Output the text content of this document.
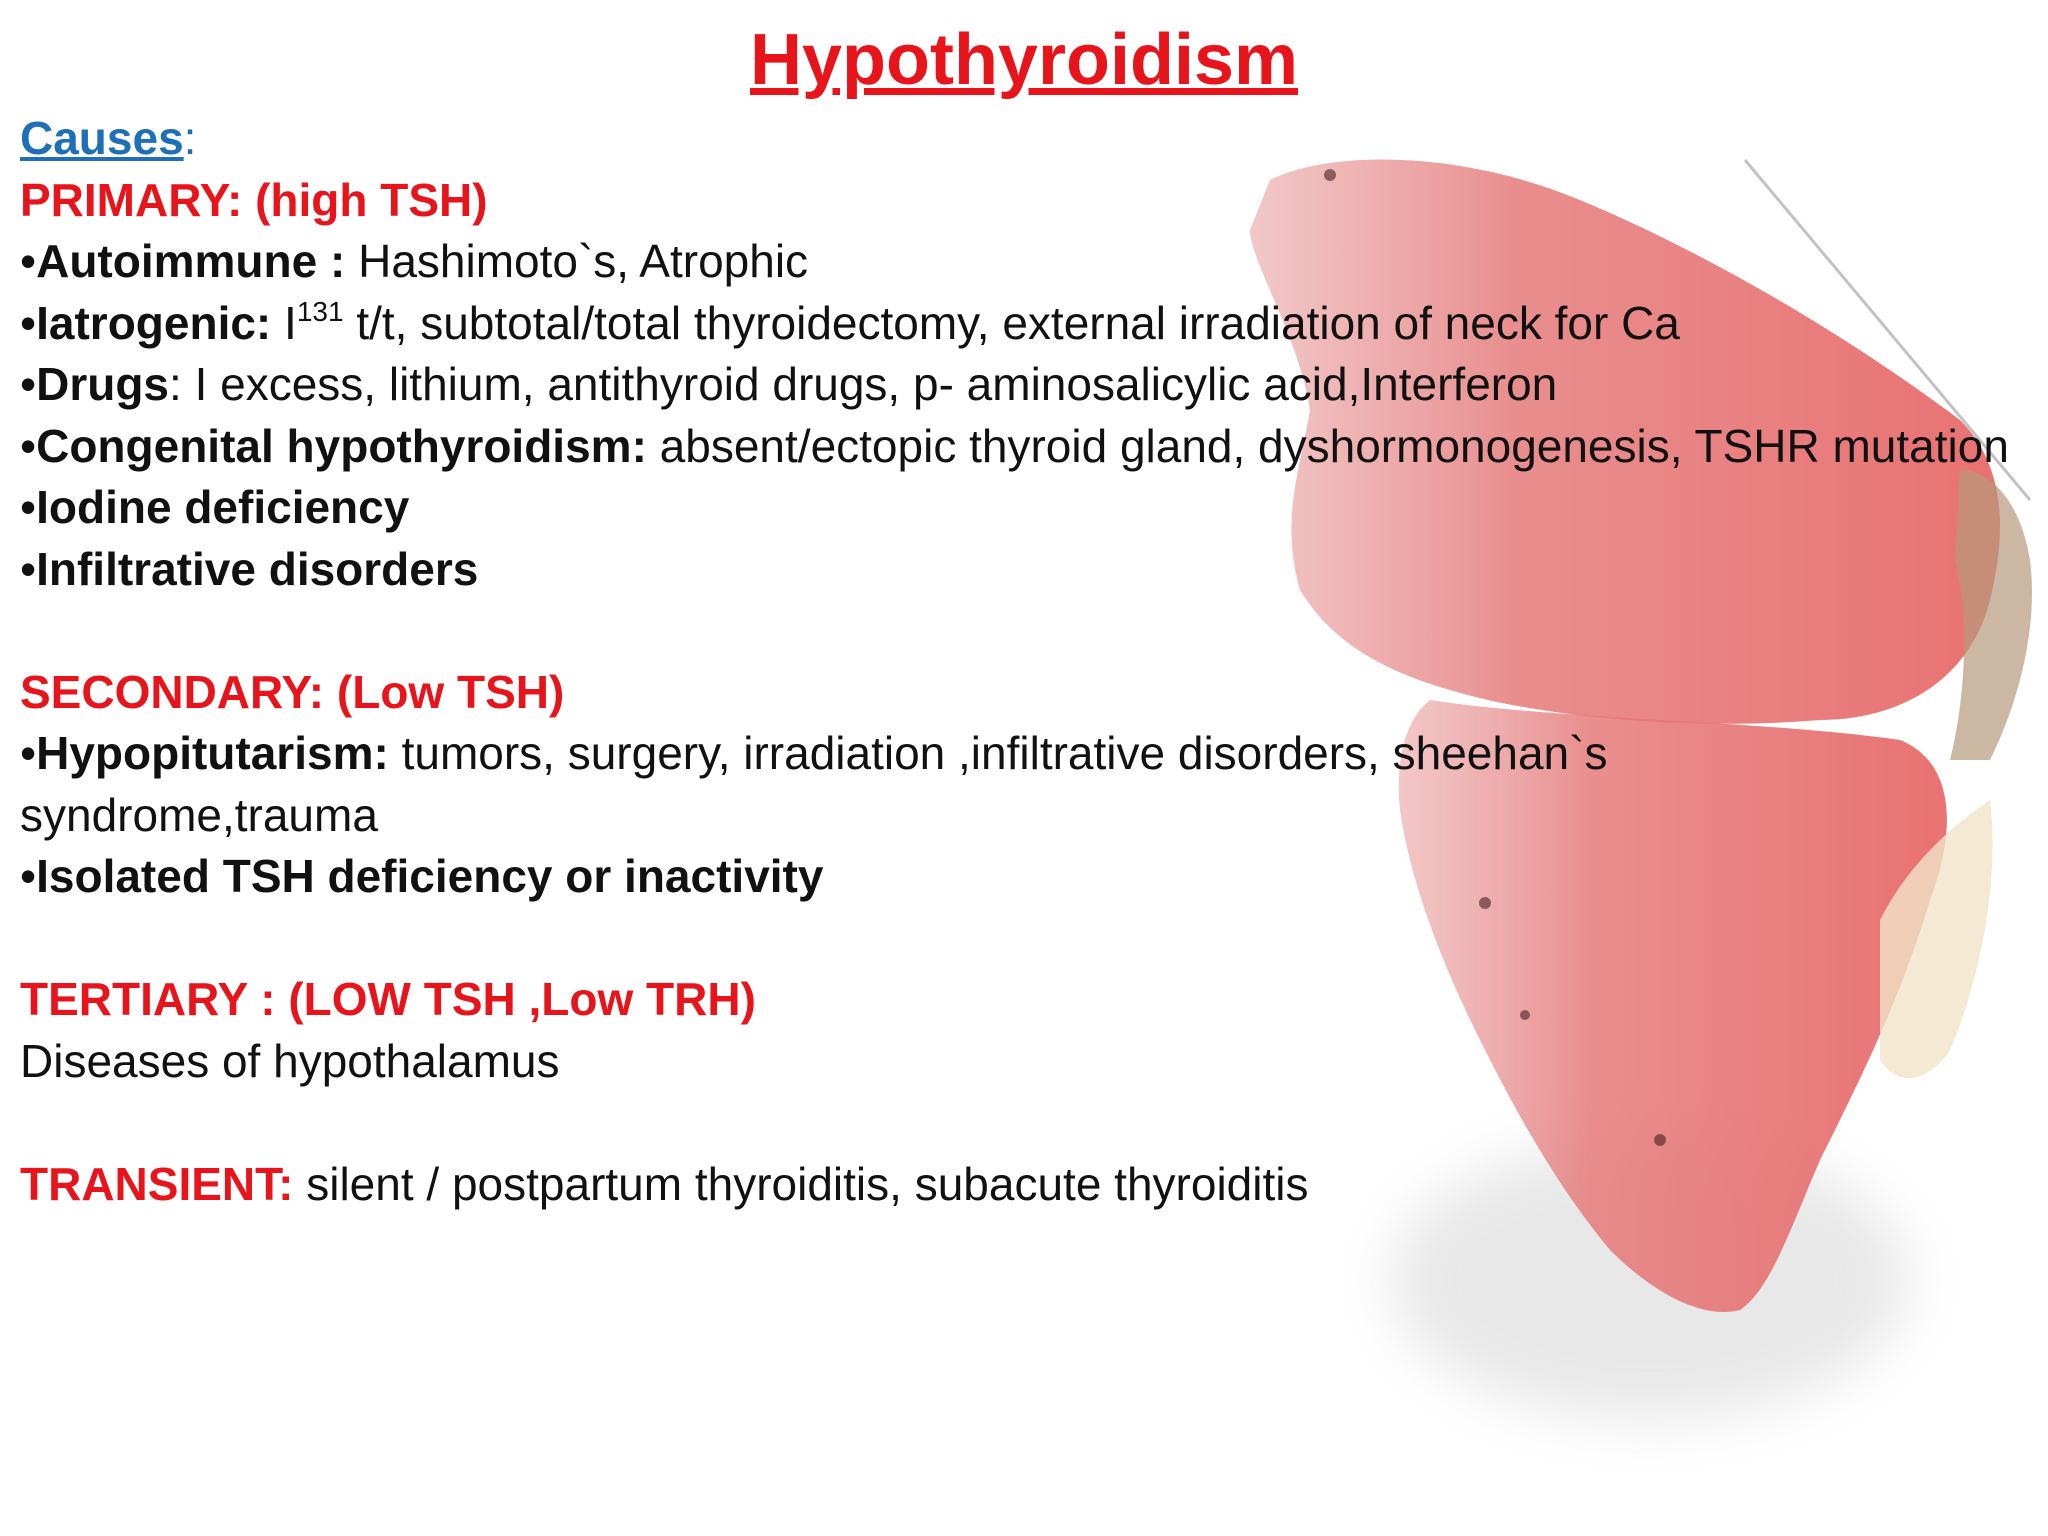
Hypothyroidism
Causes:
PRIMARY: (high TSH)
•Autoimmune : Hashimoto`s, Atrophic
•Iatrogenic: $I^{131}$ t/t, subtotal/total thyroidectomy, external irradiation of neck for Ca
•Drugs: I excess, lithium, antithyroid drugs, p- aminosalicylic acid,Interferon
•Congenital hypothyroidism: absent/ectopic thyroid gland, dyshormonogenesis, TSHR mutation
•Iodine deficiency
•Infiltrative disorders
SECONDARY: (Low TSH)
•Hypopitutarism: tumors, surgery, irradiation ,infiltrative disorders, sheehan`s syndrome,trauma
•Isolated TSH deficiency or inactivity
TERTIARY : (LOW TSH ,Low TRH)
Diseases of hypothalamus
TRANSIENT: silent / postpartum thyroiditis, subacute thyroiditis
